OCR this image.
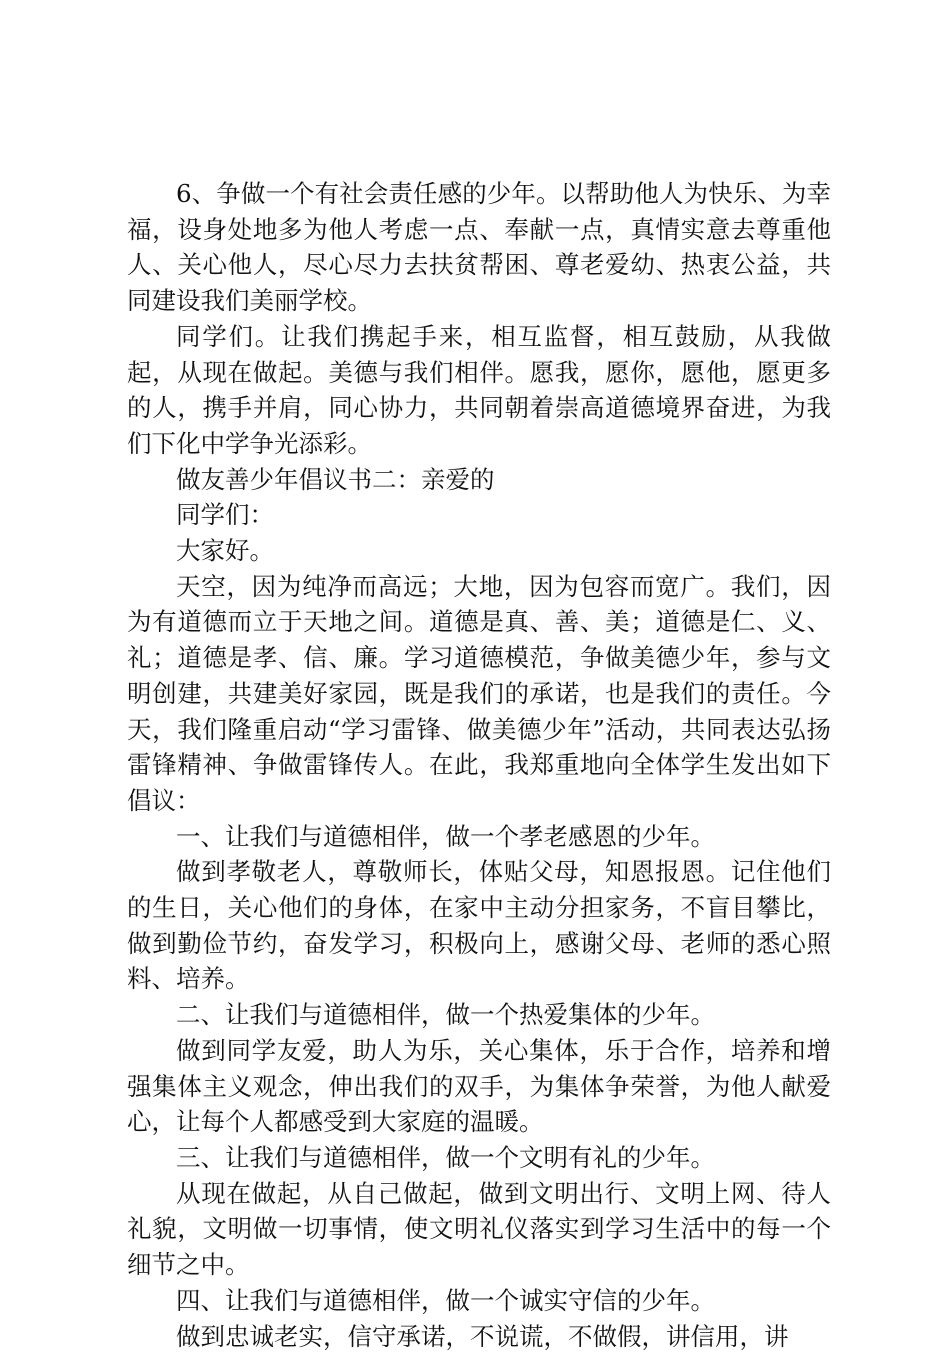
6、争做一个有社会责任感的少年。以帮助他人为快乐、为幸福，设身处地多为他人考虑一点、奉献一点，真情实意去尊重他人、关心他人，尽心尽力去扶贫帮困、尊老爱幼、热衷公益，共同建设我们美丽学校。

同学们。让我们携起手来，相互监督，相互鼓励，从我做起，从现在做起。美德与我们相伴。愿我，愿你，愿他，愿更多的人，携手并肩，同心协力，共同朝着崇高道德境界奋进，为我们下化中学争光添彩。

做友善少年倡议书二：亲爱的

同学们：

大家好。

天空，因为纯净而高远；大地，因为包容而宽广。我们，因为有道德而立于天地之间。道德是真、善、美；道德是仁、义、礼；道德是孝、信、廉。学习道德模范，争做美德少年，参与文明创建，共建美好家园，既是我们的承诺，也是我们的责任。今天，我们隆重启动“学习雷锋、做美德少年”活动，共同表达弘扬雷锋精神、争做雷锋传人。在此，我郑重地向全体学生发出如下倡议：

一、让我们与道德相伴，做一个孝老感恩的少年。

做到孝敬老人，尊敬师长，体贴父母，知恩报恩。记住他们的生日，关心他们的身体，在家中主动分担家务，不盲目攀比，做到勤俭节约，奋发学习，积极向上，感谢父母、老师的悉心照料、培养。

二、让我们与道德相伴，做一个热爱集体的少年。

做到同学友爱，助人为乐，关心集体，乐于合作，培养和增强集体主义观念，伸出我们的双手，为集体争荣誉，为他人献爱心，让每个人都感受到大家庭的温暖。

三、让我们与道德相伴，做一个文明有礼的少年。

从现在做起，从自己做起，做到文明出行、文明上网、待人礼貌，文明做一切事情，使文明礼仪落实到学习生活中的每一个细节之中。

四、让我们与道德相伴，做一个诚实守信的少年。

做到忠诚老实，信守承诺，不说谎，不做假，讲信用，讲
